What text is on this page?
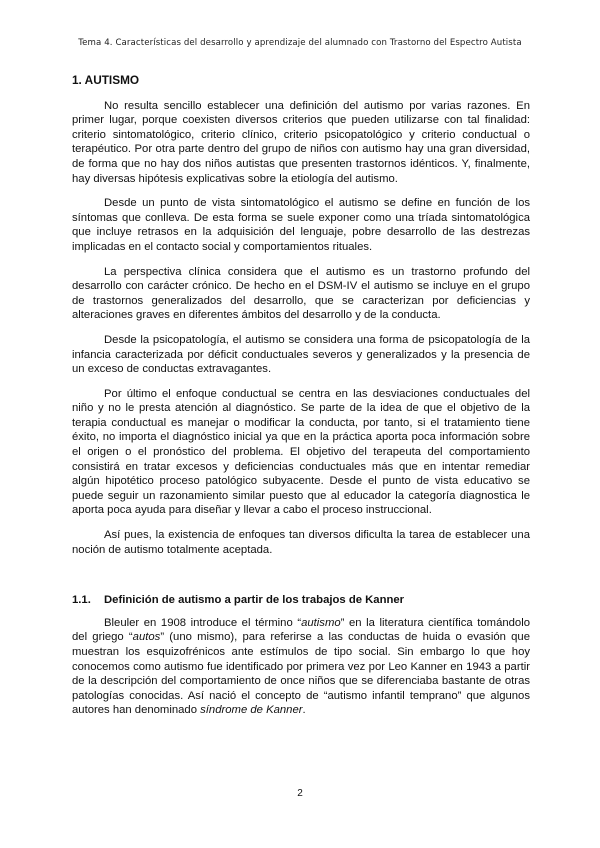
Tema 4. Características del desarrollo y aprendizaje del alumnado con Trastorno del Espectro Autista
1. AUTISMO

No resulta sencillo establecer una definición del autismo por varias razones. En primer lugar, porque coexisten diversos criterios que pueden utilizarse con tal finalidad: criterio sintomatológico, criterio clínico, criterio psicopatológico y criterio conductual o terapéutico. Por otra parte dentro del grupo de niños con autismo hay una gran diversidad, de forma que no hay dos niños autistas que presenten trastornos idénticos. Y, finalmente, hay diversas hipótesis explicativas sobre la etiología del autismo.

Desde un punto de vista sintomatológico el autismo se define en función de los síntomas que conlleva. De esta forma se suele exponer como una tríada sintomatológica que incluye retrasos en la adquisición del lenguaje, pobre desarrollo de las destrezas implicadas en el contacto social y comportamientos rituales.

La perspectiva clínica considera que el autismo es un trastorno profundo del desarrollo con carácter crónico. De hecho en el DSM-IV el autismo se incluye en el grupo de trastornos generalizados del desarrollo, que se caracterizan por deficiencias y alteraciones graves en diferentes ámbitos del desarrollo y de la conducta.

Desde la psicopatología, el autismo se considera una forma de psicopatología de la infancia caracterizada por déficit conductuales severos y generalizados y la presencia de un exceso de conductas extravagantes.

Por último el enfoque conductual se centra en las desviaciones conductuales del niño y no le presta atención al diagnóstico. Se parte de la idea de que el objetivo de la terapia conductual es manejar o modificar la conducta, por tanto, si el tratamiento tiene éxito, no importa el diagnóstico inicial ya que en la práctica aporta poca información sobre el origen o el pronóstico del problema. El objetivo del terapeuta del comportamiento consistirá en tratar excesos y deficiencias conductuales más que en intentar remediar algún hipotético proceso patológico subyacente. Desde el punto de vista educativo se puede seguir un razonamiento similar puesto que al educador la categoría diagnostica le aporta poca ayuda para diseñar y llevar a cabo el proceso instruccional.

Así pues, la existencia de enfoques tan diversos dificulta la tarea de establecer una noción de autismo totalmente aceptada.

1.1.	Definición de autismo a partir de los trabajos de Kanner

Bleuler en 1908 introduce el término “autismo” en la literatura científica tomándolo del griego “autos” (uno mismo), para referirse a las conductas de huida o evasión que muestran los esquizofrénicos ante estímulos de tipo social. Sin embargo lo que hoy conocemos como autismo fue identificado por primera vez por Leo Kanner en 1943 a partir de la descripción del comportamiento de once niños que se diferenciaba bastante de otras patologías conocidas. Así nació el concepto de “autismo infantil temprano” que algunos autores han denominado síndrome de Kanner.

2
